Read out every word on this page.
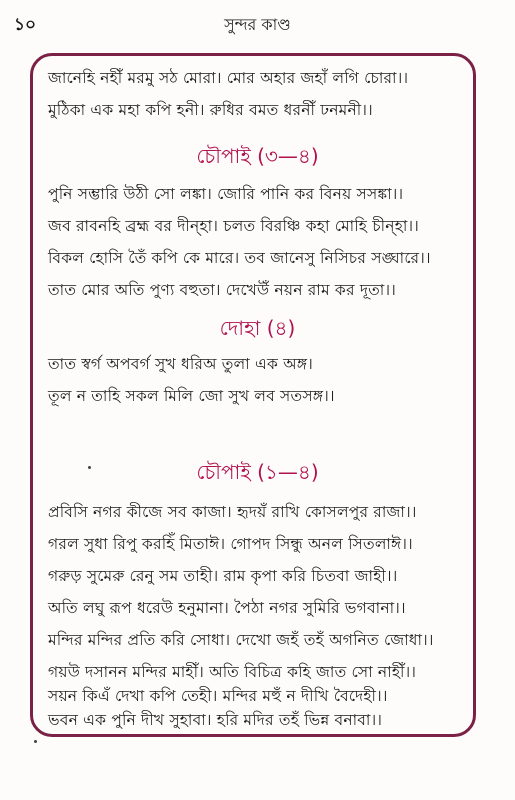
১০	সুন্দর কাণ্ড
জানেহি নহীঁ মরমু সঠ মোরা। মোর অহার জহাঁ লগি চোরা।।
মুঠিকা এক মহা কপি হনী। রুধির বমত ধরনীঁ ঢনমনী।।
চৌপাই (৩—৪)
পুনি সম্ভারি উঠী সো লঙ্কা। জোরি পানি কর বিনয় সসঙ্কা।।
জব রাবনহি ব্রহ্ম বর দীন্হা। চলত বিরঞ্চি কহা মোহি চীন্হা।।
বিকল হোসি তৈঁ কপি কে মারে। তব জানেসু নিসিচর সঙ্ঘারে।।
তাত মোর অতি পুণ্য বহুতা। দেখেউঁ নয়ন রাম কর দূতা।।
দোহা (৪)
তাত স্বর্গ অপবর্গ সুখ ধরিঅ তুলা এক অঙ্গ।
তূল ন তাহি সকল মিলি জো সুখ লব সতসঙ্গ।।
চৌপাই (১—৪)
প্রবিসি নগর কীজে সব কাজা। হৃদয়ঁ রাখি কোসলপুর রাজা।।
গরল সুধা রিপু করহিঁ মিতাঈ। গোপদ সিন্ধু অনল সিতলাঈ।।
গরুড় সুমেরু রেনু সম তাহী। রাম কৃপা করি চিতবা জাহী।।
অতি লঘু রূপ ধরেউ হনুমানা। পৈঠা নগর সুমিরি ভগবানা।।
মন্দির মন্দির প্রতি করি সোধা। দেখো জহঁ তহঁ অগনিত জোধা।।
গয়উ দসানন মন্দির মাহীঁ। অতি বিচিত্র কহি জাত সো নাহীঁ।।
সয়ন কিএঁ দেখা কপি তেহী। মন্দির মহুঁ ন দীখি বৈদেহী।।
ভবন এক পুনি দীখ সুহাবা। হরি মদির তহঁ ভিন্ন বনাবা।।
